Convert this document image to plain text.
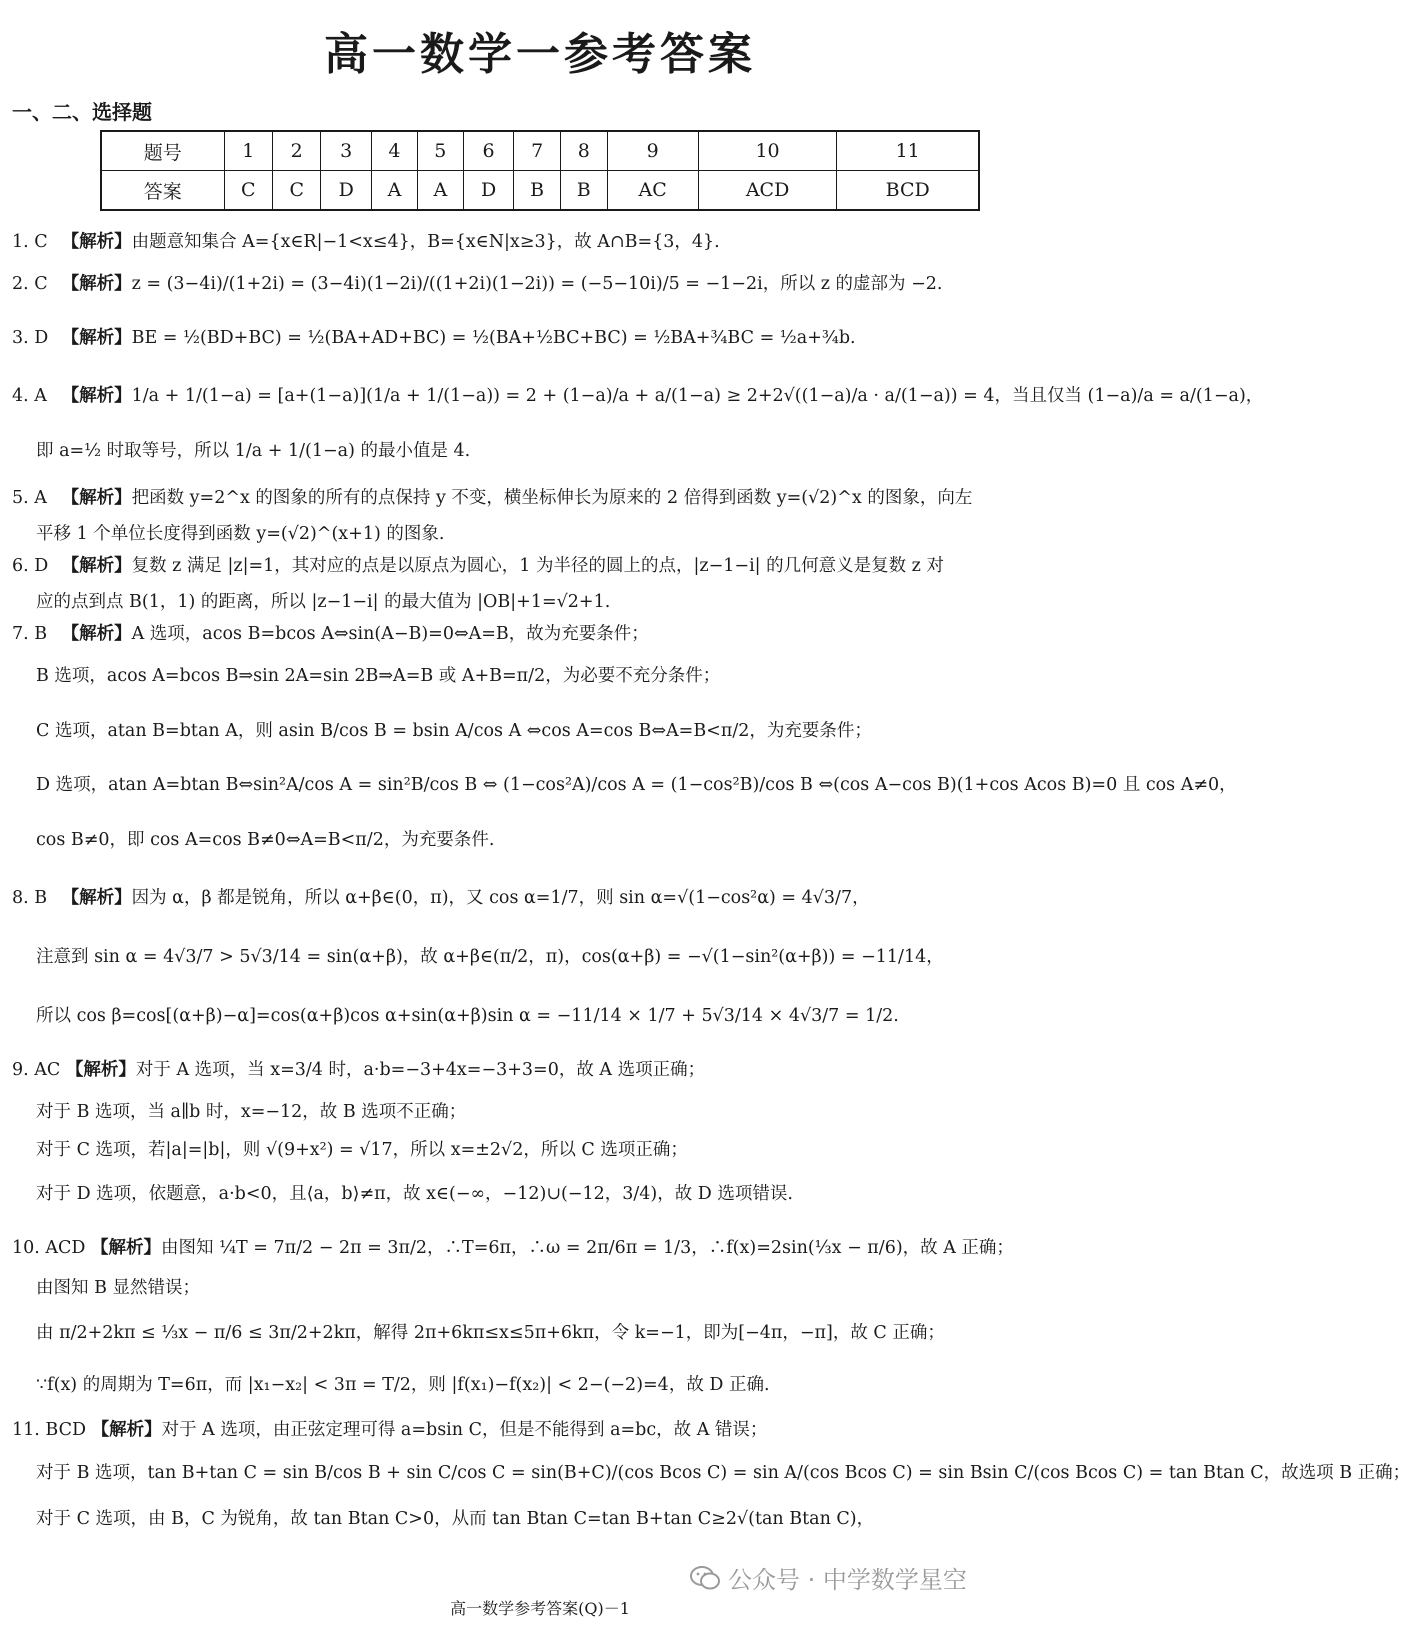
高一数学一参考答案
一、二、选择题
题号	1	2	3	4	5	6	7	8	9	10	11
答案	C	C	D	A	A	D	B	B	AC	ACD	BCD
1. C 【解析】由题意知集合 A={x∈R|−1<x≤4}，B={x∈N|x≥3}，故 A∩B={3，4}.
2. C 【解析】z = (3−4i)/(1+2i) = (3−4i)(1−2i)/((1+2i)(1−2i)) = (−5−10i)/5 = −1−2i，所以 z 的虚部为 −2.
3. D 【解析】BE = ½(BD+BC) = ½(BA+AD+BC) = ½(BA+½BC+BC) = ½BA+¾BC = ½a+¾b.
4. A 【解析】1/a + 1/(1−a) = [a+(1−a)](1/a + 1/(1−a)) = 2 + (1−a)/a + a/(1−a) ≥ 2+2√((1−a)/a · a/(1−a)) = 4，当且仅当 (1−a)/a = a/(1−a)，
即 a=½ 时取等号，所以 1/a + 1/(1−a) 的最小值是 4.
5. A 【解析】把函数 y=2^x 的图象的所有的点保持 y 不变，横坐标伸长为原来的 2 倍得到函数 y=(√2)^x 的图象，向左
平移 1 个单位长度得到函数 y=(√2)^(x+1) 的图象.
6. D 【解析】复数 z 满足 |z|=1，其对应的点是以原点为圆心，1 为半径的圆上的点，|z−1−i| 的几何意义是复数 z 对
应的点到点 B(1，1) 的距离，所以 |z−1−i| 的最大值为 |OB|+1=√2+1.
7. B 【解析】A 选项，acos B=bcos A⇔sin(A−B)=0⇔A=B，故为充要条件；
B 选项，acos A=bcos B⇒sin 2A=sin 2B⇒A=B 或 A+B=π/2，为必要不充分条件；
C 选项，atan B=btan A，则 asin B/cos B = bsin A/cos A ⇔cos A=cos B⇔A=B<π/2，为充要条件；
D 选项，atan A=btan B⇔sin²A/cos A = sin²B/cos B ⇔ (1−cos²A)/cos A = (1−cos²B)/cos B ⇔(cos A−cos B)(1+cos Acos B)=0 且 cos A≠0，
cos B≠0，即 cos A=cos B≠0⇔A=B<π/2，为充要条件.
8. B 【解析】因为 α，β 都是锐角，所以 α+β∈(0，π)，又 cos α=1/7，则 sin α=√(1−cos²α) = 4√3/7，
注意到 sin α = 4√3/7 > 5√3/14 = sin(α+β)，故 α+β∈(π/2，π)，cos(α+β) = −√(1−sin²(α+β)) = −11/14，
所以 cos β=cos[(α+β)−α]=cos(α+β)cos α+sin(α+β)sin α = −11/14 × 1/7 + 5√3/14 × 4√3/7 = 1/2.
9. AC 【解析】对于 A 选项，当 x=3/4 时，a·b=−3+4x=−3+3=0，故 A 选项正确；
对于 B 选项，当 a∥b 时，x=−12，故 B 选项不正确；
对于 C 选项，若|a|=|b|，则 √(9+x²) = √17，所以 x=±2√2，所以 C 选项正确；
对于 D 选项，依题意，a·b<0，且⟨a，b⟩≠π，故 x∈(−∞，−12)∪(−12，3/4)，故 D 选项错误.
10. ACD 【解析】由图知 ¼T = 7π/2 − 2π = 3π/2，∴T=6π，∴ω = 2π/6π = 1/3，∴f(x)=2sin(⅓x − π/6)，故 A 正确；
由图知 B 显然错误；
由 π/2+2kπ ≤ ⅓x − π/6 ≤ 3π/2+2kπ，解得 2π+6kπ≤x≤5π+6kπ，令 k=−1，即为[−4π，−π]，故 C 正确；
∵f(x) 的周期为 T=6π，而 |x₁−x₂| < 3π = T/2，则 |f(x₁)−f(x₂)| < 2−(−2)=4，故 D 正确.
11. BCD 【解析】对于 A 选项，由正弦定理可得 a=bsin C，但是不能得到 a=bc，故 A 错误；
对于 B 选项，tan B+tan C = sin B/cos B + sin C/cos C = sin(B+C)/(cos Bcos C) = sin A/(cos Bcos C) = sin Bsin C/(cos Bcos C) = tan Btan C，故选项 B 正确；
对于 C 选项，由 B，C 为锐角，故 tan Btan C>0，从而 tan Btan C=tan B+tan C≥2√(tan Btan C)，
公众号 · 中学数学星空
高一数学参考答案(Q)－1
